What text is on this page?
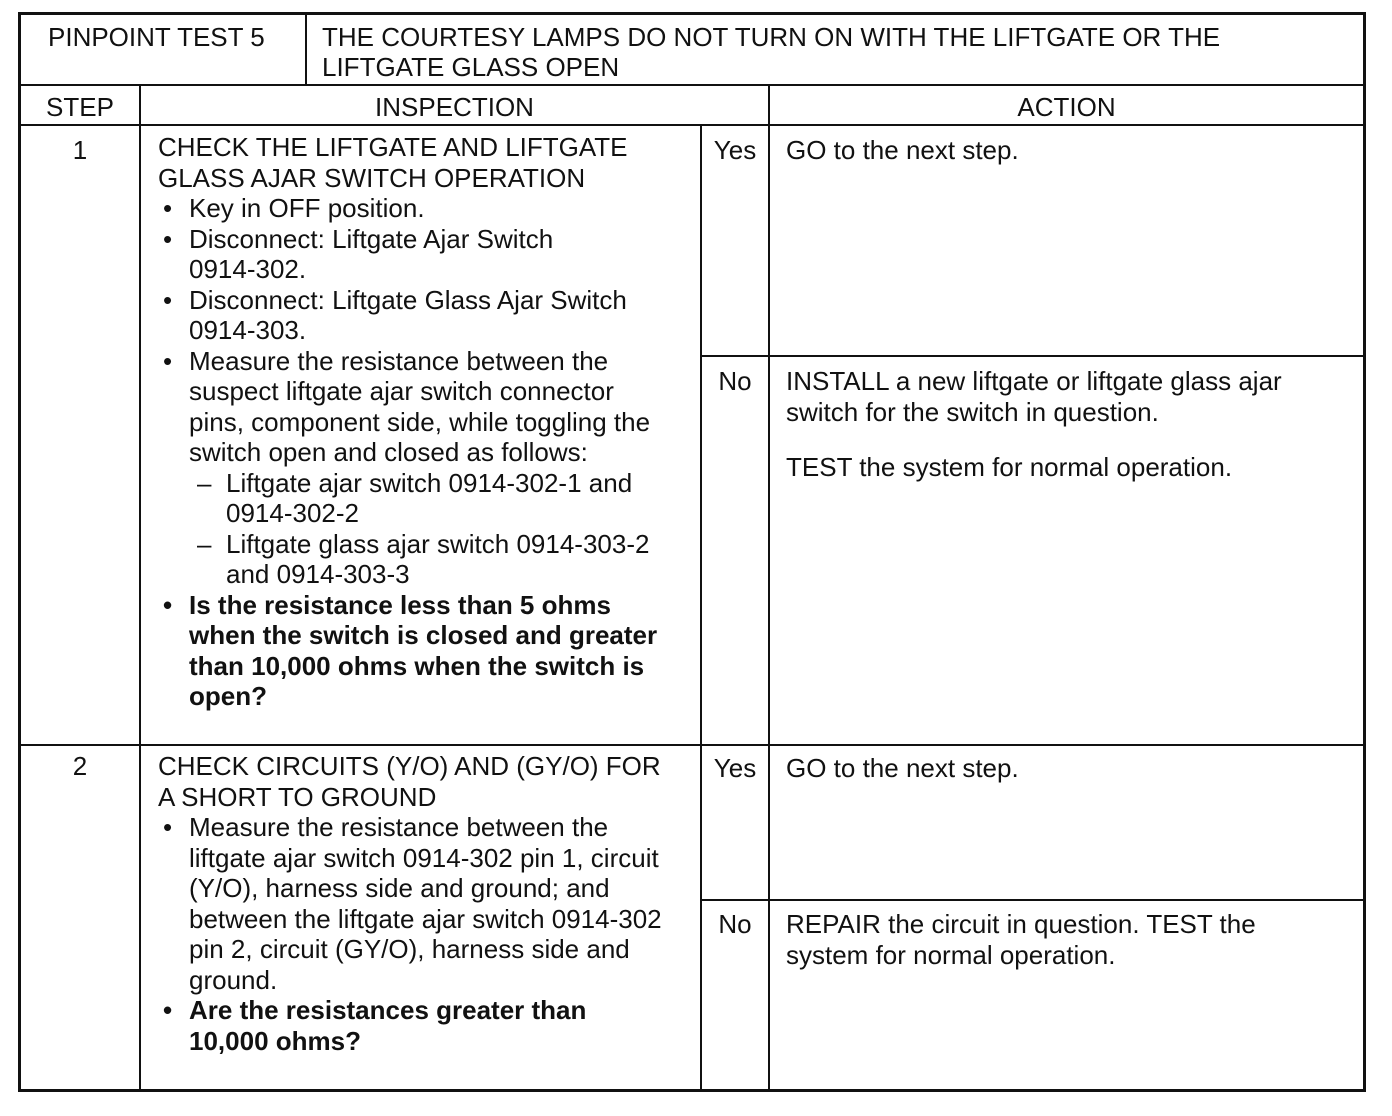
PINPOINT TEST 5 THE COURTESY LAMPS DO NOT TURN ON WITH THE LIFTGATE OR THE
LIFTGATE GLASS OPEN
STEP	INSPECTION	ACTION
1	CHECK THE LIFTGATE AND LIFTGATE
GLASS AJAR SWITCH OPERATION
• Key in OFF position.
• Disconnect: Liftgate Ajar Switch
0914-302.
• Disconnect: Liftgate Glass Ajar Switch
0914-303.
• Measure the resistance between the
suspect liftgate ajar switch connector
pins, component side, while toggling the
switch open and closed as follows:
– Liftgate ajar switch 0914-302-1 and
0914-302-2
– Liftgate glass ajar switch 0914-303-2
and 0914-303-3
• Is the resistance less than 5 ohms
when the switch is closed and greater
than 10,000 ohms when the switch is
open?
Yes	GO to the next step.
No	INSTALL a new liftgate or liftgate glass ajar
switch for the switch in question.
TEST the system for normal operation.
2	CHECK CIRCUITS (Y/O) AND (GY/O) FOR
A SHORT TO GROUND
• Measure the resistance between the
liftgate ajar switch 0914-302 pin 1, circuit
(Y/O), harness side and ground; and
between the liftgate ajar switch 0914-302
pin 2, circuit (GY/O), harness side and
ground.
• Are the resistances greater than
10,000 ohms?
Yes	GO to the next step.
No	REPAIR the circuit in question. TEST the
system for normal operation.
